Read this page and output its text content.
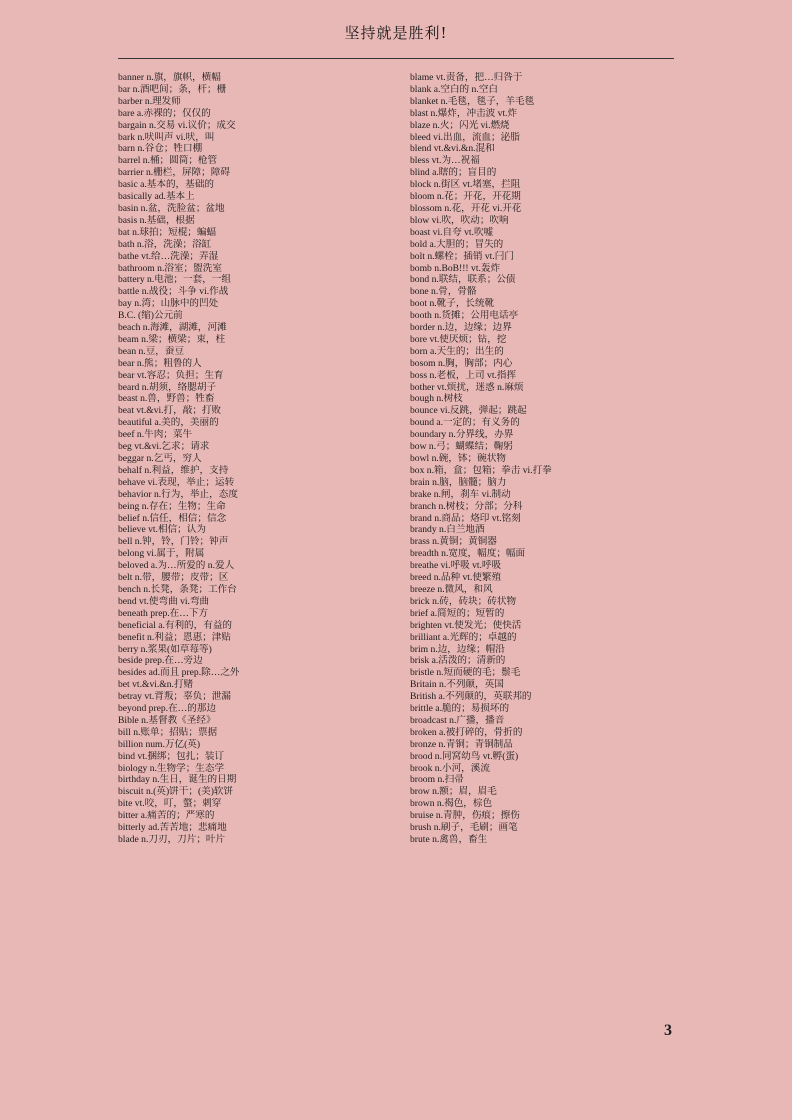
坚持就是胜利!
banner n.旗，旗帜，横幅
bar n.酒吧间；条，杆；栅
barber n.理发师
bare a.赤裸的；仅仅的
bargain n.交易 vi.议价；成交
bark n.吠叫声 vi.吠，叫
barn n.谷仓；牲口棚
barrel n.桶；圆筒；枪管
barrier n.栅栏，屏障；障碍
basic a.基本的，基础的
basically ad.基本上
basin n.盆，洗脸盆；盆地
basis n.基础，根据
bat n.球拍；短棍；蝙蝠
bath n.浴，洗澡；浴缸
bathe vt.给…洗澡；弄湿
bathroom n.浴室；盥洗室
battery n.电池；一套，一组
battle n.战役；斗争 vi.作战
bay n.湾；山脉中的凹处
B.C. (缩)公元前
beach n.海滩，湖滩，河滩
beam n.梁；横梁；束，柱
bean n.豆，蚕豆
bear n.熊；粗鲁的人
bear vt.容忍；负担；生育
beard n.胡须，络腮胡子
beast n.兽，野兽；牲畜
beat vt.&vi.打，敲；打败
beautiful a.美的，美丽的
beef n.牛肉；菜牛
beg vt.&vi.乞求；请求
beggar n.乞丐，穷人
behalf n.利益，维护，支持
behave vi.表现，举止；运转
behavior n.行为，举止，态度
being n.存在；生物；生命
belief n.信任，相信；信念
believe vt.相信；认为
bell n.钟，铃，门铃；钟声
belong vi.属于，附属
beloved a.为…所爱的 n.爱人
belt n.带，腰带；皮带；区
bench n.长凳，条凳；工作台
bend vt.使弯曲 vi.弯曲
beneath prep.在…下方
beneficial a.有利的，有益的
benefit n.利益；恩惠；津贴
berry n.浆果(如草莓等)
beside prep.在…旁边
besides ad.而且 prep.除…之外
bet vt.&vi.&n.打赌
betray vt.背叛；辜负；泄漏
beyond prep.在…的那边
Bible n.基督教《圣经》
bill n.账单；招贴；票据
billion num.万亿(英)
bind vt.捆绑；包扎；装订
biology n.生物学；生态学
birthday n.生日，诞生的日期
biscuit n.(英)饼干；(美)软饼
bite vt.咬，叮，螫；刺穿
bitter a.痛苦的；严寒的
bitterly ad.苦苦地；悲痛地
blade n.刀刃，刀片；叶片
blame vt.责备，把…归咎于
blank a.空白的 n.空白
blanket n.毛毯，毯子，羊毛毯
blast n.爆炸，冲击波 vt.炸
blaze n.火；闪光 vi.燃烧
bleed vi.出血，流血；泌脂
blend vt.&vi.&n.混和
bless vt.为…祝福
blind a.瞎的；盲目的
block n.街区 vt.堵塞，拦阻
bloom n.花；开花，开花期
blossom n.花，开花 vi.开花
blow vi.吹，吹动；吹响
boast vi.自夸 vt.吹嘘
bold a.大胆的；冒失的
bolt n.螺栓；插销 vt.闩门
bomb n.BoB!!! vt.轰炸
bond n.联结，联系；公债
bone n.骨，骨骼
boot n.靴子，长统靴
booth n.货摊；公用电话亭
border n.边，边缘；边界
bore vt.使厌烦；钻，挖
born a.天生的；出生的
bosom n.胸，胸部；内心
boss n.老板，上司 vt.指挥
bother vt.烦扰，迷惑 n.麻烦
bough n.树枝
bounce vi.反跳，弹起；跳起
bound a.一定的；有义务的
boundary n.分界线，办界
bow n.弓；蝴蝶结；鞠躬
bowl n.碗，钵；碗状物
box n.箱，盒；包箱；拳击 vi.打拳
brain n.脑，脑髓；脑力
brake n.闸，刹车 vi.制动
branch n.树枝；分部；分科
brand n.商品；烙印 vt.铭刻
brandy n.白兰地酒
brass n.黄铜；黄铜器
breadth n.宽度，幅度；幅面
breathe vi.呼吸 vt.呼吸
breed n.品种 vt.使繁殖
breeze n.微风，和风
brick n.砖，砖块；砖状物
brief a.简短的；短暂的
brighten vt.使发光；使快活
brilliant a.光辉的；卓越的
brim n.边，边缘；帽沿
brisk a.活泼的；清新的
bristle n.短而硬的毛；鬃毛
Britain n.不列颠，英国
British a.不列颠的，英联邦的
brittle a.脆的；易损坏的
broadcast n.广播，播音
broken a.被打碎的，骨折的
bronze n.青铜；青铜制品
brood n.同窝幼鸟 vt.孵(蛋)
brook n.小河，溪流
broom n.扫帚
brow n.额；眉，眉毛
brown n.褐色，棕色
bruise n.青肿，伤痕；擦伤
brush n.刷子，毛刷；画笔
brute n.禽兽，畜生
3
